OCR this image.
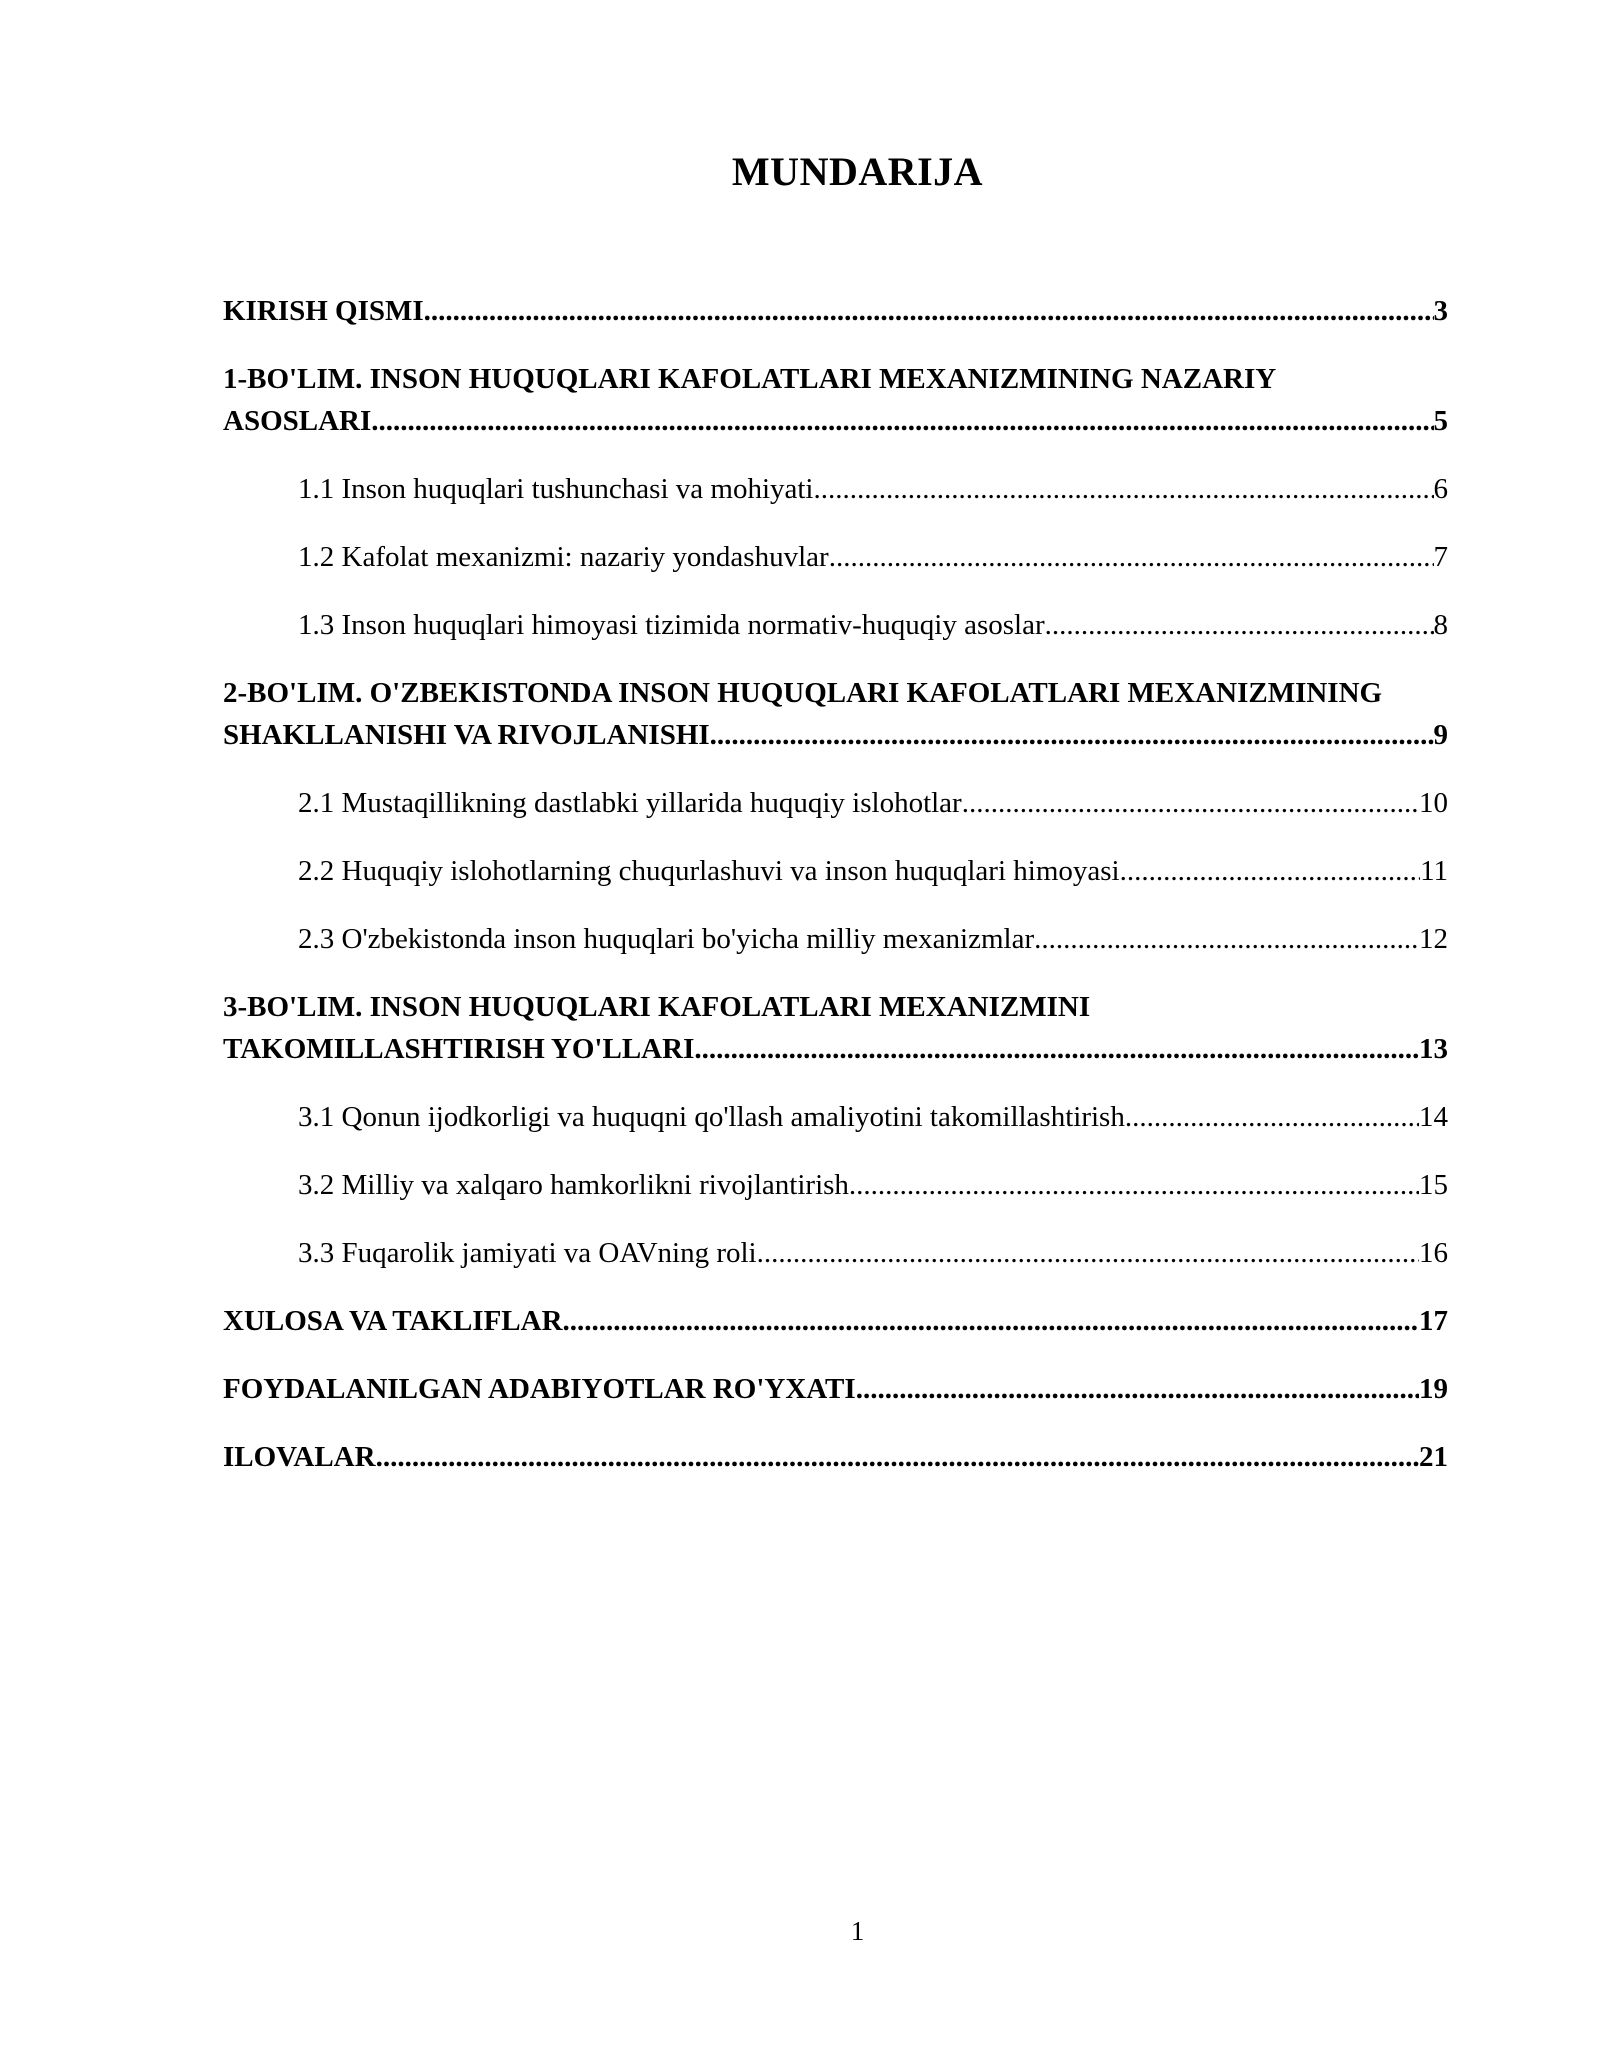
MUNDARIJA
KIRISH QISMI .....	3
1-BO'LIM. INSON HUQUQLARI KAFOLATLARI MEXANIZMINING NAZARIY
ASOSLARI .....	5
1.1 Inson huquqlari tushunchasi va mohiyati .....	6
1.2 Kafolat mexanizmi: nazariy yondashuvlar .....	7
1.3 Inson huquqlari himoyasi tizimida normativ-huquqiy asoslar .....	8
2-BO'LIM. O'ZBEKISTONDA INSON HUQUQLARI KAFOLATLARI MEXANIZMINING
SHAKLLANISHI VA RIVOJLANISHI .....	9
2.1 Mustaqillikning dastlabki yillarida huquqiy islohotlar .....	10
2.2 Huquqiy islohotlarning chuqurlashuvi va inson huquqlari himoyasi .....	11
2.3 O'zbekistonda inson huquqlari bo'yicha milliy mexanizmlar .....	12
3-BO'LIM. INSON HUQUQLARI KAFOLATLARI MEXANIZMINI
TAKOMILLASHTIRISH YO'LLARI .....	13
3.1 Qonun ijodkorligi va huquqni qo'llash amaliyotini takomillashtirish .....	14
3.2 Milliy va xalqaro hamkorlikni rivojlantirish .....	15
3.3 Fuqarolik jamiyati va OAVning roli .....	16
XULOSA VA TAKLIFLAR .....	17
FOYDALANILGAN ADABIYOTLAR RO'YXATI .....	19
ILOVALAR .....	21
1
